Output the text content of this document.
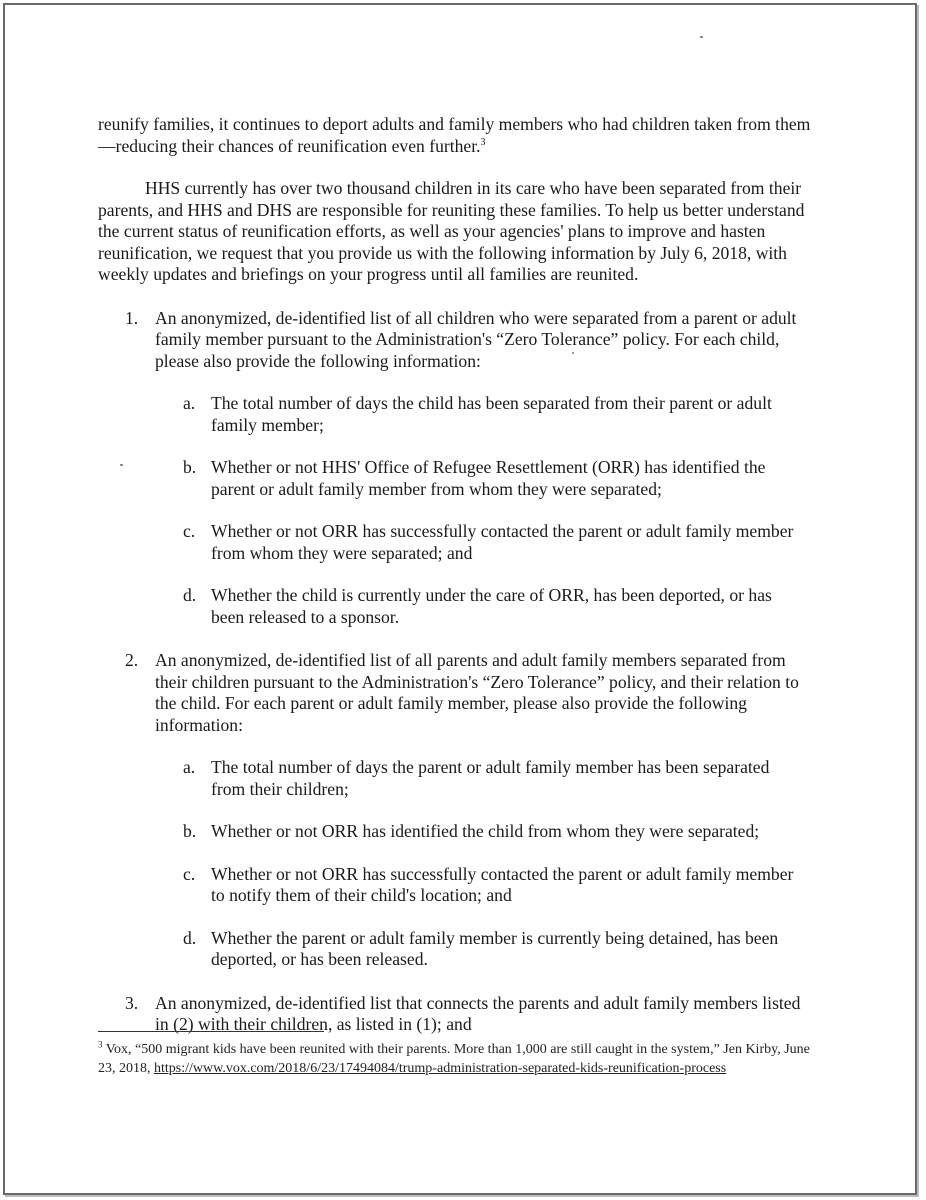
reunify families, it continues to deport adults and family members who had children taken from them—reducing their chances of reunification even further.$^3$

HHS currently has over two thousand children in its care who have been separated from their parents, and HHS and DHS are responsible for reuniting these families. To help us better understand the current status of reunification efforts, as well as your agencies' plans to improve and hasten reunification, we request that you provide us with the following information by July 6, 2018, with weekly updates and briefings on your progress until all families are reunited.

1. An anonymized, de-identified list of all children who were separated from a parent or adult family member pursuant to the Administration's “Zero Tolerance” policy. For each child, please also provide the following information:
a. The total number of days the child has been separated from their parent or adult family member;
b. Whether or not HHS' Office of Refugee Resettlement (ORR) has identified the parent or adult family member from whom they were separated;
c. Whether or not ORR has successfully contacted the parent or adult family member from whom they were separated; and
d. Whether the child is currently under the care of ORR, has been deported, or has been released to a sponsor.
2. An anonymized, de-identified list of all parents and adult family members separated from their children pursuant to the Administration's “Zero Tolerance” policy, and their relation to the child. For each parent or adult family member, please also provide the following information:
a. The total number of days the parent or adult family member has been separated from their children;
b. Whether or not ORR has identified the child from whom they were separated;
c. Whether or not ORR has successfully contacted the parent or adult family member to notify them of their child's location; and
d. Whether the parent or adult family member is currently being detained, has been deported, or has been released.
3. An anonymized, de-identified list that connects the parents and adult family members listed in (2) with their children, as listed in (1); and
$^3$ Vox, “500 migrant kids have been reunited with their parents. More than 1,000 are still caught in the system,” Jen Kirby, June 23, 2018, https://www.vox.com/2018/6/23/17494084/trump-administration-separated-kids-reunification-process
